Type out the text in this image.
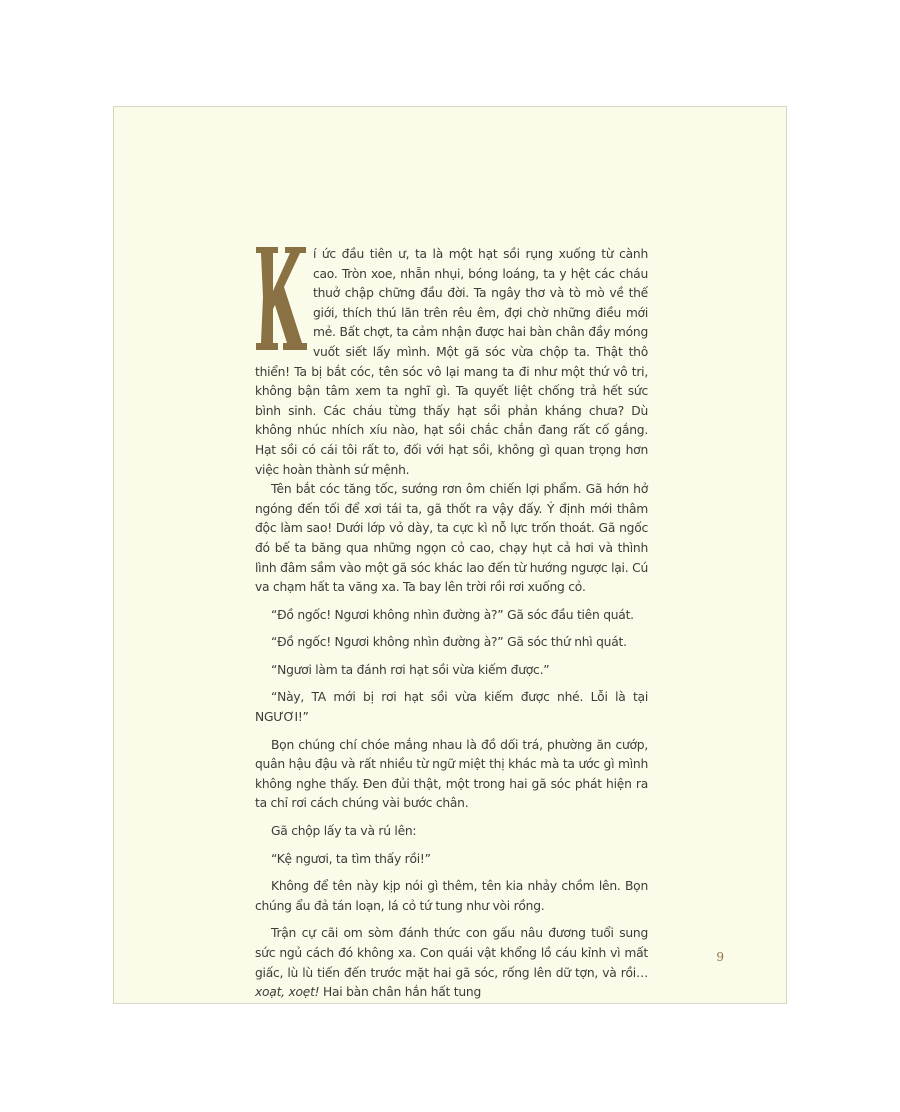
í ức đầu tiên ư, ta là một hạt sồi rụng xuống từ cành cao. Tròn xoe, nhẵn nhụi, bóng loáng, ta y hệt các cháu thuở chập chững đầu đời. Ta ngây thơ và tò mò về thế giới, thích thú lăn trên rêu êm, đợi chờ những điều mới mẻ. Bất chợt, ta cảm nhận được hai bàn chân đầy móng vuốt siết lấy mình. Một gã sóc vừa chộp ta. Thật thô thiển! Ta bị bắt cóc, tên sóc vô lại mang ta đi như một thứ vô tri, không bận tâm xem ta nghĩ gì. Ta quyết liệt chống trả hết sức bình sinh. Các cháu từng thấy hạt sồi phản kháng chưa? Dù không nhúc nhích xíu nào, hạt sồi chắc chắn đang rất cố gắng. Hạt sồi có cái tôi rất to, đối với hạt sồi, không gì quan trọng hơn việc hoàn thành sứ mệnh.

Tên bắt cóc tăng tốc, sướng rơn ôm chiến lợi phẩm. Gã hớn hở ngóng đến tối để xơi tái ta, gã thốt ra vậy đấy. Ý định mới thâm độc làm sao! Dưới lớp vỏ dày, ta cực kì nỗ lực trốn thoát. Gã ngốc đó bế ta băng qua những ngọn cỏ cao, chạy hụt cả hơi và thình lình đâm sầm vào một gã sóc khác lao đến từ hướng ngược lại. Cú va chạm hất ta văng xa. Ta bay lên trời rồi rơi xuống cỏ.

“Đồ ngốc! Ngươi không nhìn đường à?” Gã sóc đầu tiên quát.

“Đồ ngốc! Ngươi không nhìn đường à?” Gã sóc thứ nhì quát.

“Ngươi làm ta đánh rơi hạt sồi vừa kiếm được.”

“Này, TA mới bị rơi hạt sồi vừa kiếm được nhé. Lỗi là tại NGƯƠI!”

Bọn chúng chí chóe mắng nhau là đồ dối trá, phường ăn cướp, quân hậu đậu và rất nhiều từ ngữ miệt thị khác mà ta ước gì mình không nghe thấy. Đen đủi thật, một trong hai gã sóc phát hiện ra ta chỉ rơi cách chúng vài bước chân.

Gã chộp lấy ta và rú lên:

“Kệ ngươi, ta tìm thấy rồi!”

Không để tên này kịp nói gì thêm, tên kia nhảy chồm lên. Bọn chúng ẩu đả tán loạn, lá cỏ tứ tung như vòi rồng.

Trận cự cãi om sòm đánh thức con gấu nâu đương tuổi sung sức ngủ cách đó không xa. Con quái vật khổng lồ cáu kỉnh vì mất giấc, lù lù tiến đến trước mặt hai gã sóc, rống lên dữ tợn, và rồi… xoạt, xoẹt! Hai bàn chân hắn hất tung

9
